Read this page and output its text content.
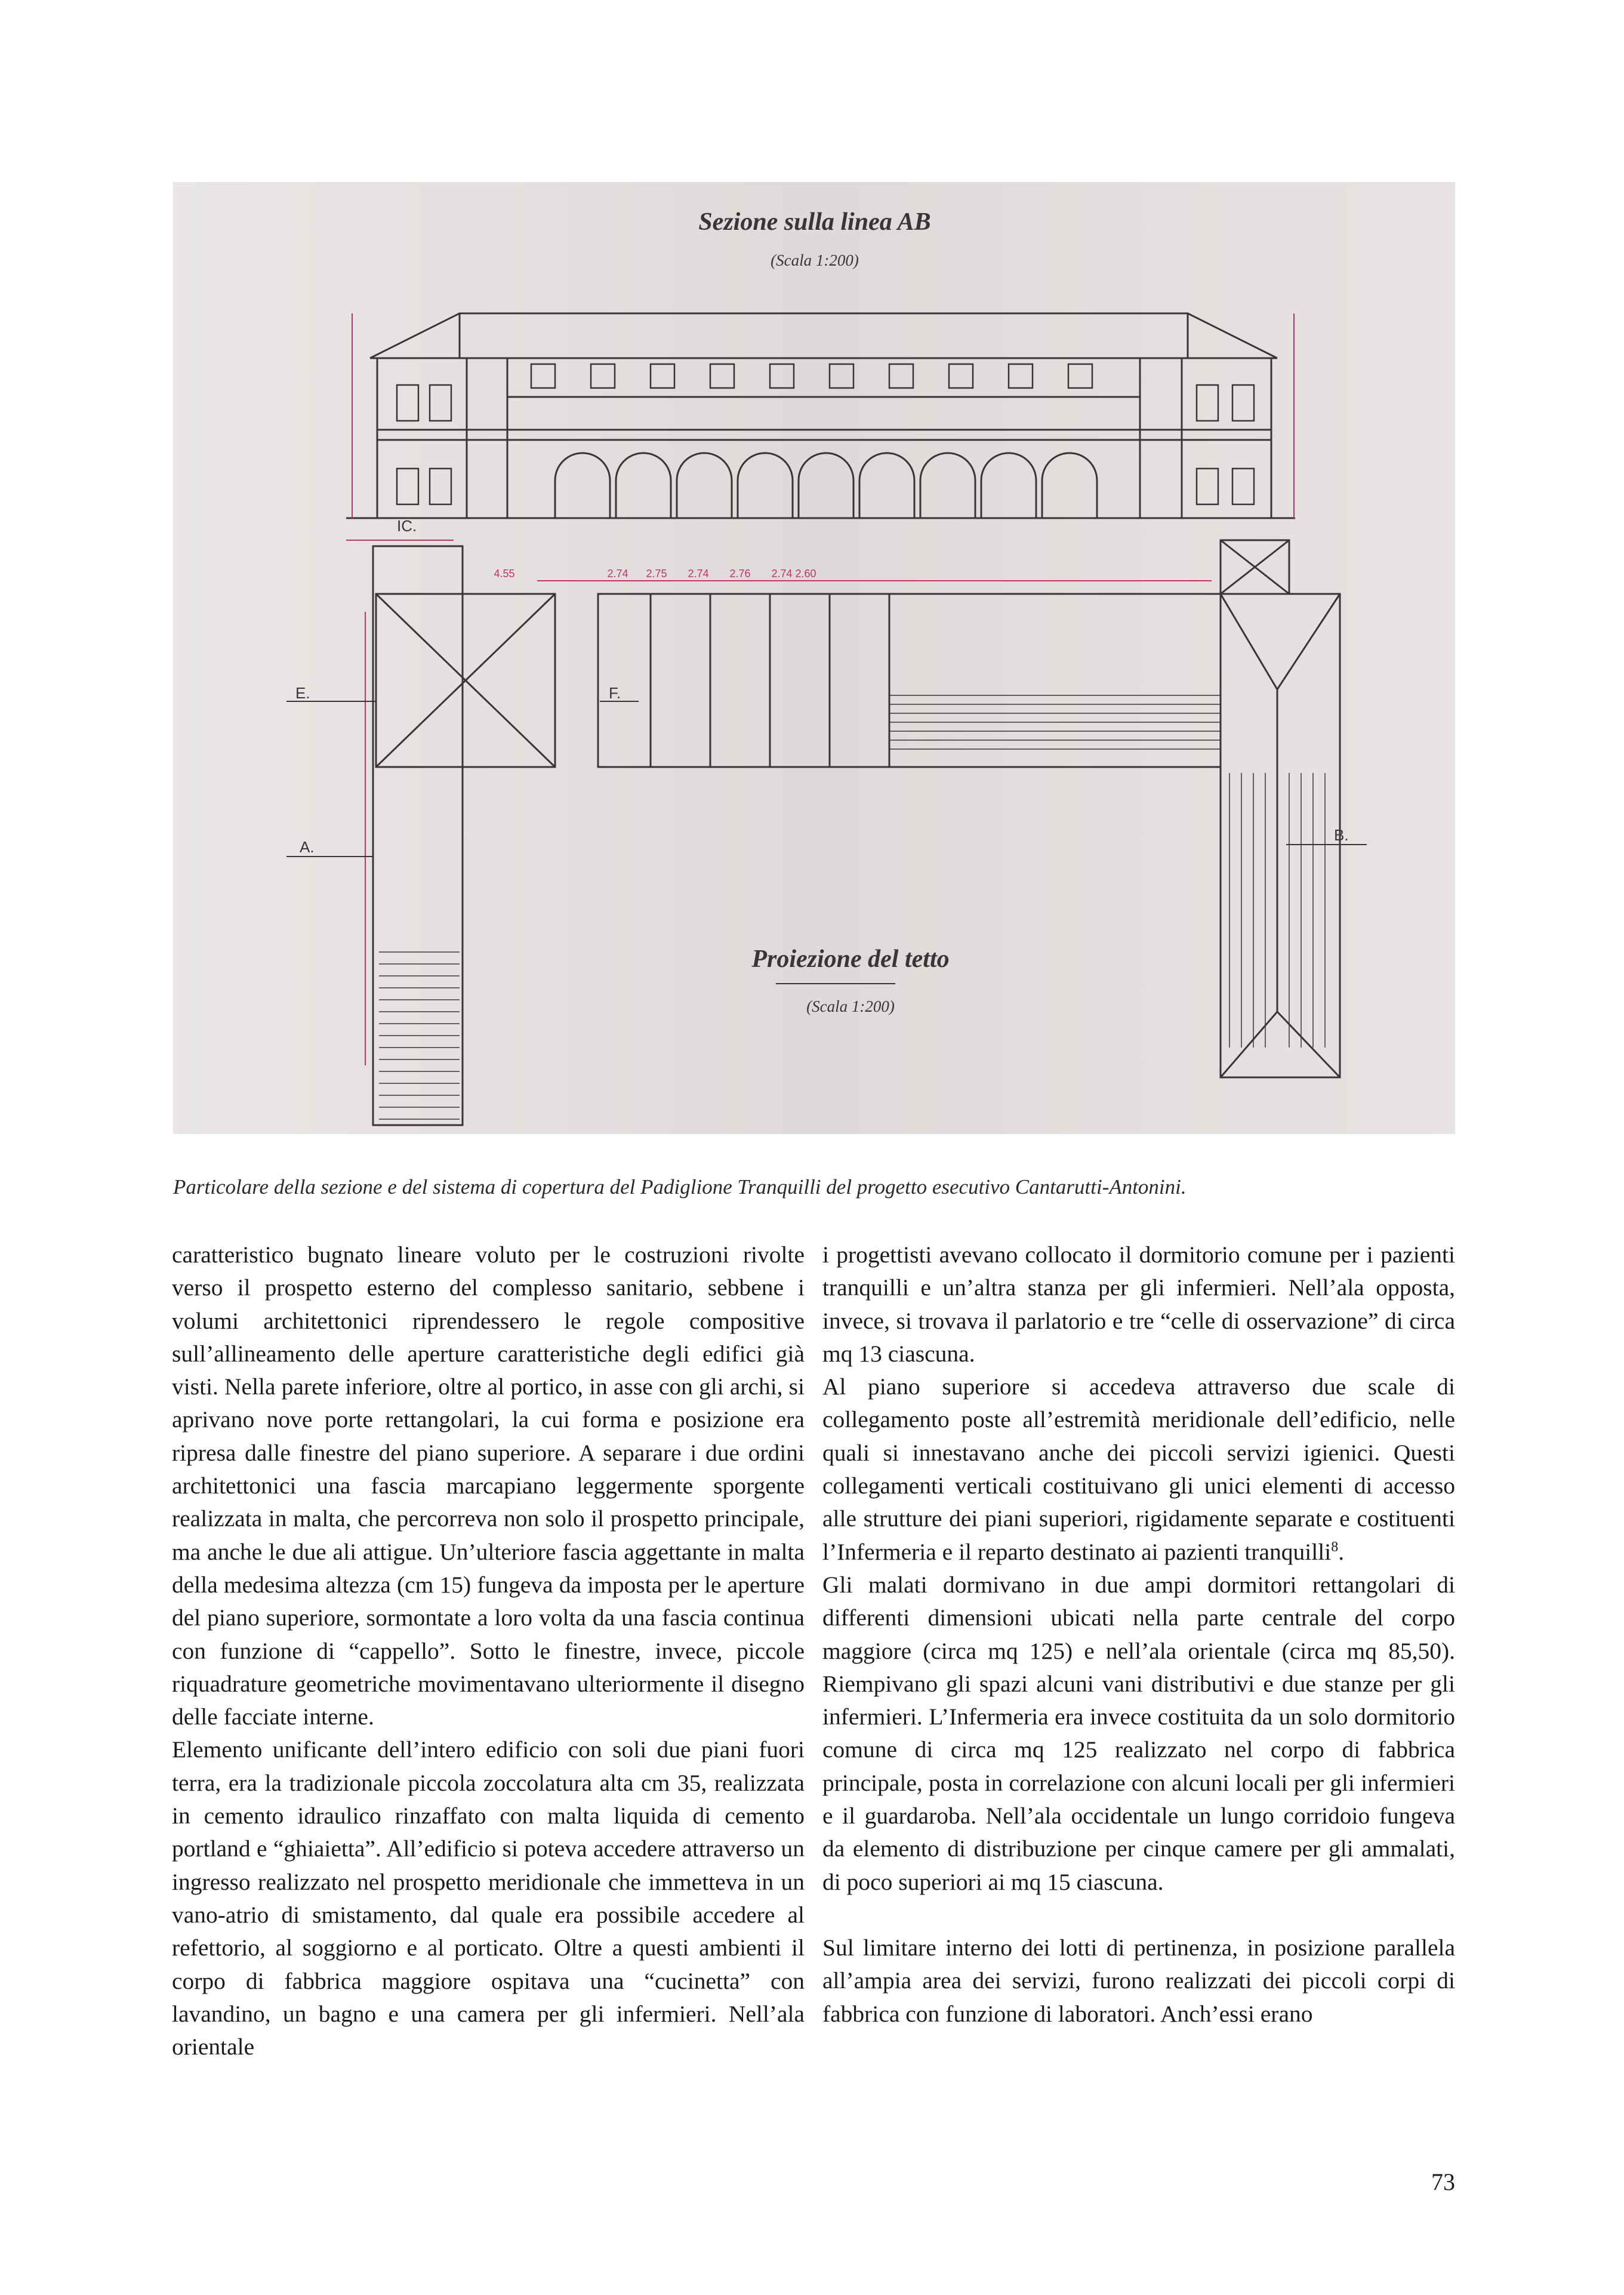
Sezione sulla linea AB
(Scala 1:200)
IC.
4.55	2.74 2.75 2.74 2.76 2.74 2.60
E.	F.
A.
B.
Proiezione del tetto
(Scala 1:200)
Particolare della sezione e del sistema di copertura del Padiglione Tranquilli del progetto esecutivo Cantarutti-Antonini.

caratteristico bugnato lineare voluto per le costruzioni rivolte verso il prospetto esterno del complesso sanitario, sebbene i volumi architettonici riprendessero le regole compositive sull’allineamento delle aperture caratteristiche degli edifici già visti. Nella parete inferiore, oltre al portico, in asse con gli archi, si aprivano nove porte rettangolari, la cui forma e posizione era ripresa dalle finestre del piano superiore. A separare i due ordini architettonici una fascia marcapiano leggermente sporgente realizzata in malta, che percorreva non solo il prospetto principale, ma anche le due ali attigue. Un’ulteriore fascia aggettante in malta della medesima altezza (cm 15) fungeva da imposta per le aperture del piano superiore, sormontate a loro volta da una fascia continua con funzione di “cappello”. Sotto le finestre, invece, piccole riquadrature geometriche movimentavano ulteriormente il disegno delle facciate interne.

Elemento unificante dell’intero edificio con soli due piani fuori terra, era la tradizionale piccola zoccolatura alta cm 35, realizzata in cemento idraulico rinzaffato con malta liquida di cemento portland e “ghiaietta”. All’edificio si poteva accedere attraverso un ingresso realizzato nel prospetto meridionale che immetteva in un vano-atrio di smistamento, dal quale era possibile accedere al refettorio, al soggiorno e al porticato. Oltre a questi ambienti il corpo di fabbrica maggiore ospitava una “cucinetta” con lavandino, un bagno e una camera per gli infermieri. Nell’ala orientale

i progettisti avevano collocato il dormitorio comune per i pazienti tranquilli e un’altra stanza per gli infermieri. Nell’ala opposta, invece, si trovava il parlatorio e tre “celle di osservazione” di circa mq 13 ciascuna.

Al piano superiore si accedeva attraverso due scale di collegamento poste all’estremità meridionale dell’edificio, nelle quali si innestavano anche dei piccoli servizi igienici. Questi collegamenti verticali costituivano gli unici elementi di accesso alle strutture dei piani superiori, rigidamente separate e costituenti l’Infermeria e il reparto destinato ai pazienti tranquilli$^8$.

Gli malati dormivano in due ampi dormitori rettangolari di differenti dimensioni ubicati nella parte centrale del corpo maggiore (circa mq 125) e nell’ala orientale (circa mq 85,50). Riempivano gli spazi alcuni vani distributivi e due stanze per gli infermieri. L’Infermeria era invece costituita da un solo dormitorio comune di circa mq 125 realizzato nel corpo di fabbrica principale, posta in correlazione con alcuni locali per gli infermieri e il guardaroba. Nell’ala occidentale un lungo corridoio fungeva da elemento di distribuzione per cinque camere per gli ammalati, di poco superiori ai mq 15 ciascuna.

Sul limitare interno dei lotti di pertinenza, in posizione parallela all’ampia area dei servizi, furono realizzati dei piccoli corpi di fabbrica con funzione di laboratori. Anch’essi erano

73
